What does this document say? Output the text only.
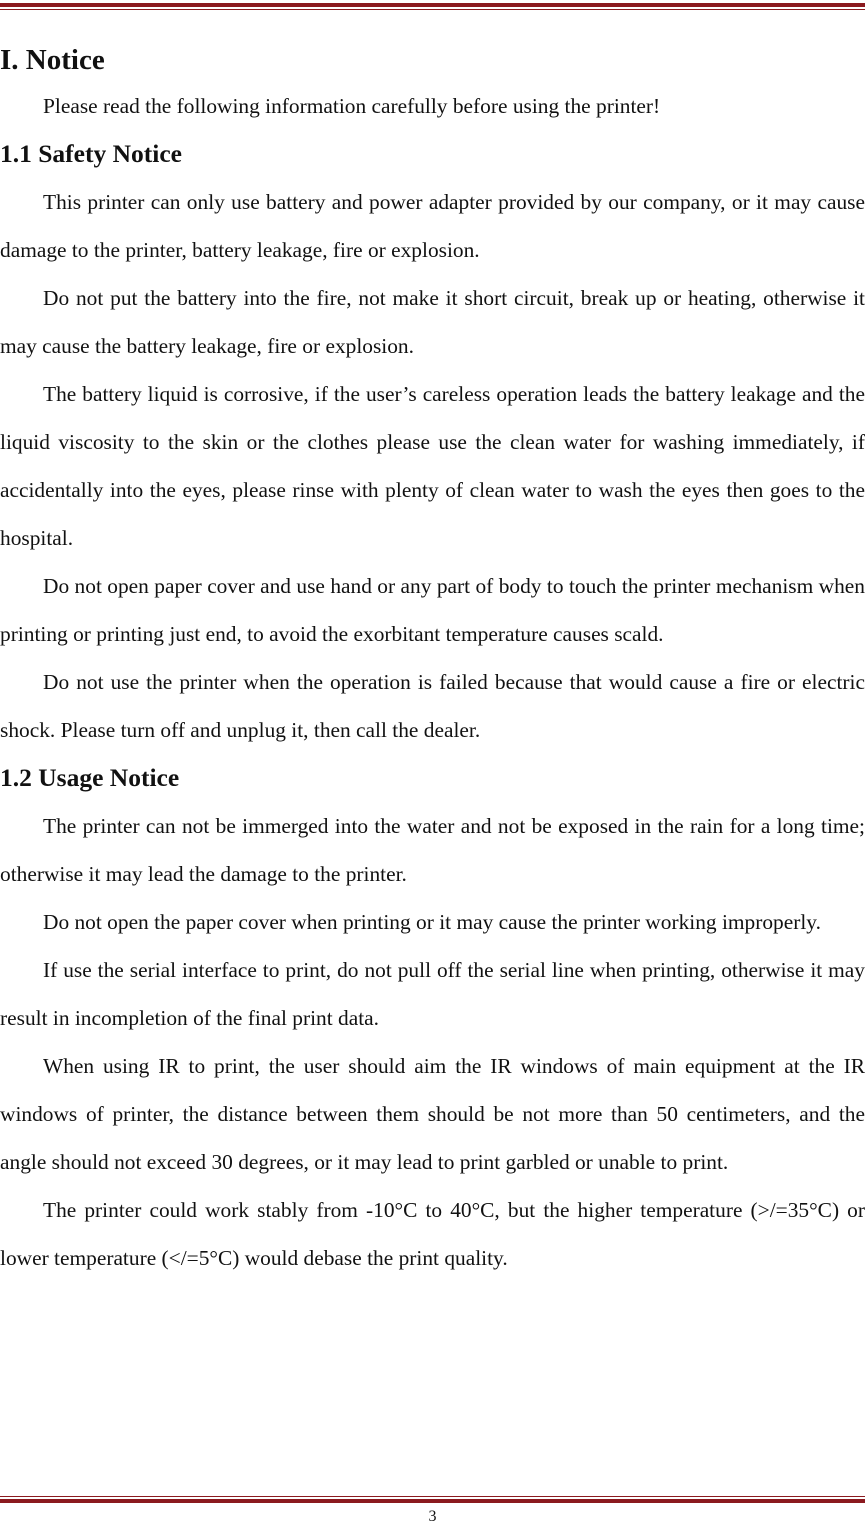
I. Notice

Please read the following information carefully before using the printer!

1.1 Safety Notice

This printer can only use battery and power adapter provided by our company, or it may cause damage to the printer, battery leakage, fire or explosion.

Do not put the battery into the fire, not make it short circuit, break up or heating, otherwise it may cause the battery leakage, fire or explosion.

The battery liquid is corrosive, if the user’s careless operation leads the battery leakage and the liquid viscosity to the skin or the clothes please use the clean water for washing immediately, if accidentally into the eyes, please rinse with plenty of clean water to wash the eyes then goes to the hospital.

Do not open paper cover and use hand or any part of body to touch the printer mechanism when printing or printing just end, to avoid the exorbitant temperature causes scald.

Do not use the printer when the operation is failed because that would cause a fire or electric shock. Please turn off and unplug it, then call the dealer.

1.2 Usage Notice

The printer can not be immerged into the water and not be exposed in the rain for a long time; otherwise it may lead the damage to the printer.

Do not open the paper cover when printing or it may cause the printer working improperly.

If use the serial interface to print, do not pull off the serial line when printing, otherwise it may result in incompletion of the final print data.

When using IR to print, the user should aim the IR windows of main equipment at the IR windows of printer, the distance between them should be not more than 50 centimeters, and the angle should not exceed 30 degrees, or it may lead to print garbled or unable to print.

The printer could work stably from -10°C to 40°C, but the higher temperature (>/=35°C) or lower temperature (</=5°C) would debase the print quality.

3
